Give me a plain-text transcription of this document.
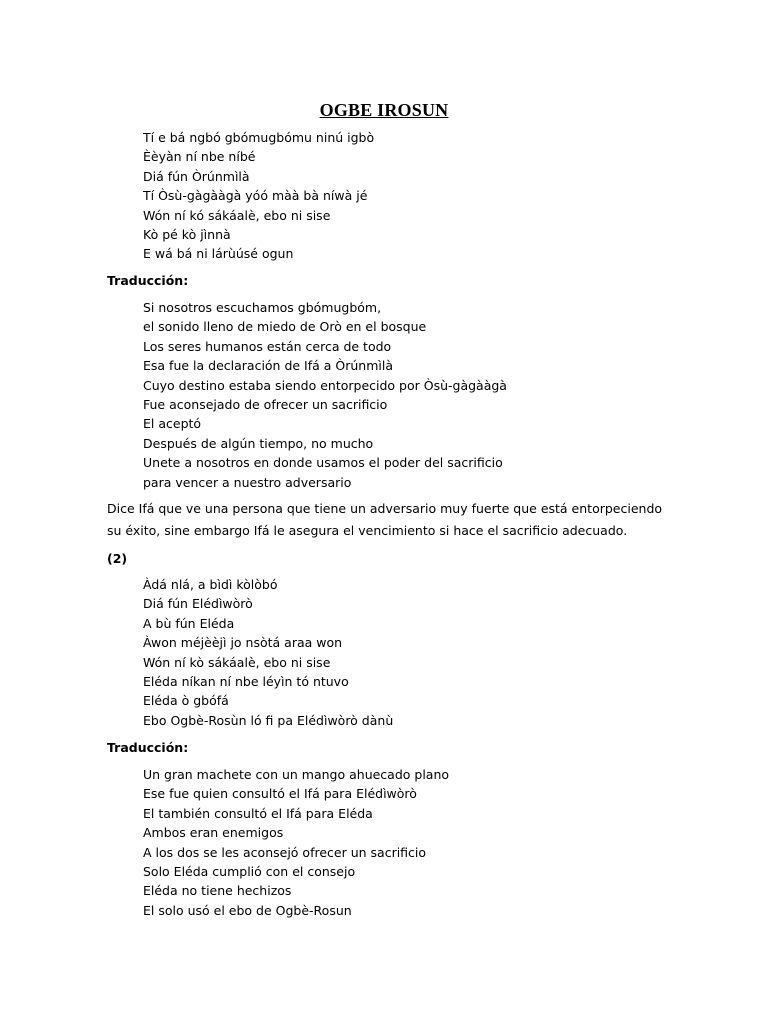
OGBE IROSUN
Tí e bá ngbó gbómugbómu ninú igbò
Èèyàn ní nbe níbé
Diá fún Òrúnmìlà
Tí Òsù-gàgààgà yóó màà bà níwà jé
Wón ní kó sákáalè, ebo ni sise
Kò pé kò jìnnà
E wá bá ni lárùúsé ogun
Traducción:
Si nosotros escuchamos gbómugbóm,
el sonido lleno de miedo de Orò en el bosque
Los seres humanos están cerca de todo
Esa fue la declaración de Ifá a Òrúnmìlà
Cuyo destino estaba siendo entorpecido por Òsù-gàgààgà
Fue aconsejado de ofrecer un sacrificio
El aceptó
Después de algún tiempo, no mucho
Unete a nosotros en donde usamos el poder del sacrificio
para vencer a nuestro adversario
Dice Ifá que ve una persona que tiene un adversario muy fuerte que está entorpeciendo
su éxito, sine embargo Ifá le asegura el vencimiento si hace el sacrificio adecuado.
(2)
Àdá nlá, a bìdì kòlòbó
Diá fún Elédìwòrò
A bù fún Eléda
Àwon méjèèjì jo nsòtá araa won
Wón ní kò sákáalè, ebo ni sise
Eléda níkan ní nbe léyìn tó ntuvo
Eléda ò gbófá
Ebo Ogbè-Rosùn ló fi pa Elédìwòrò dànù
Traducción:
Un gran machete con un mango ahuecado plano
Ese fue quien consultó el Ifá para Elédìwòrò
El también consultó el Ifá para Eléda
Ambos eran enemigos
A los dos se les aconsejó ofrecer un sacrificio
Solo Eléda cumplió con el consejo
Eléda no tiene hechizos
El solo usó el ebo de Ogbè-Rosun
